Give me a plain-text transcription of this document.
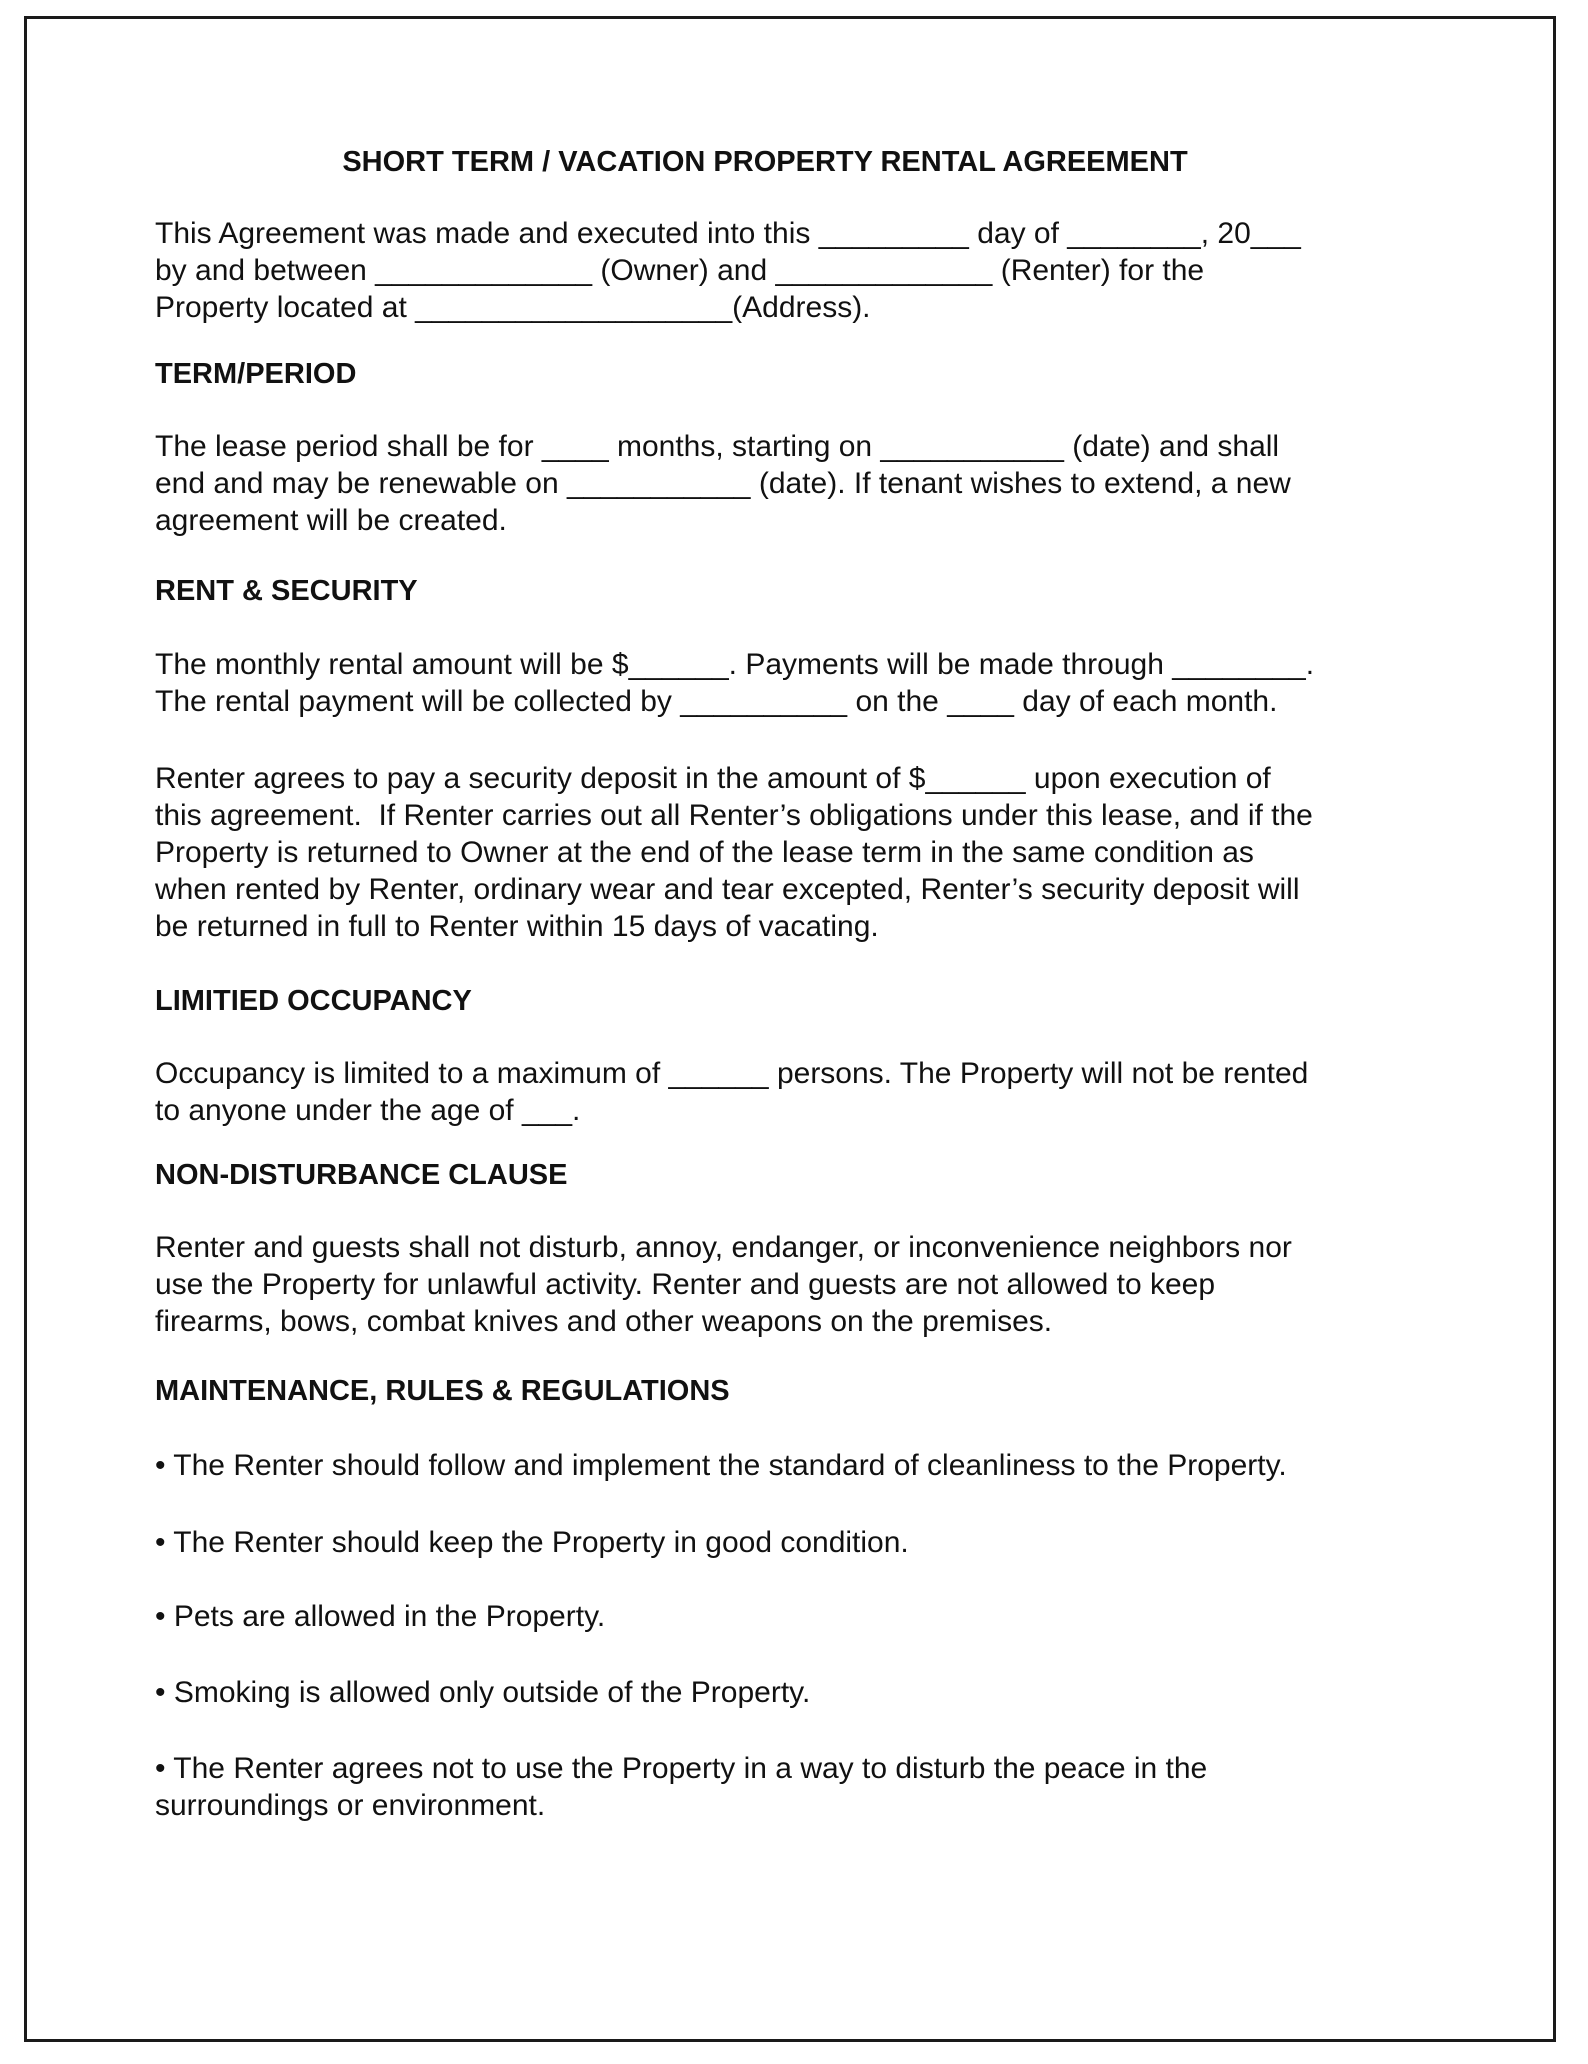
SHORT TERM / VACATION PROPERTY RENTAL AGREEMENT

This Agreement was made and executed into this _________ day of ________, 20___
by and between _____________ (Owner) and _____________ (Renter) for the
Property located at ___________________(Address).

TERM/PERIOD

The lease period shall be for ____ months, starting on ___________ (date) and shall
end and may be renewable on ___________ (date). If tenant wishes to extend, a new
agreement will be created.

RENT & SECURITY

The monthly rental amount will be $______. Payments will be made through ________.
The rental payment will be collected by __________ on the ____ day of each month.

Renter agrees to pay a security deposit in the amount of $______ upon execution of
this agreement.  If Renter carries out all Renter’s obligations under this lease, and if the
Property is returned to Owner at the end of the lease term in the same condition as
when rented by Renter, ordinary wear and tear excepted, Renter’s security deposit will
be returned in full to Renter within 15 days of vacating.

LIMITIED OCCUPANCY

Occupancy is limited to a maximum of ______ persons. The Property will not be rented
to anyone under the age of ___.

NON-DISTURBANCE CLAUSE

Renter and guests shall not disturb, annoy, endanger, or inconvenience neighbors nor
use the Property for unlawful activity. Renter and guests are not allowed to keep
firearms, bows, combat knives and other weapons on the premises.

MAINTENANCE, RULES & REGULATIONS

• The Renter should follow and implement the standard of cleanliness to the Property.

• The Renter should keep the Property in good condition.

• Pets are allowed in the Property.

• Smoking is allowed only outside of the Property.

• The Renter agrees not to use the Property in a way to disturb the peace in the
surroundings or environment.
